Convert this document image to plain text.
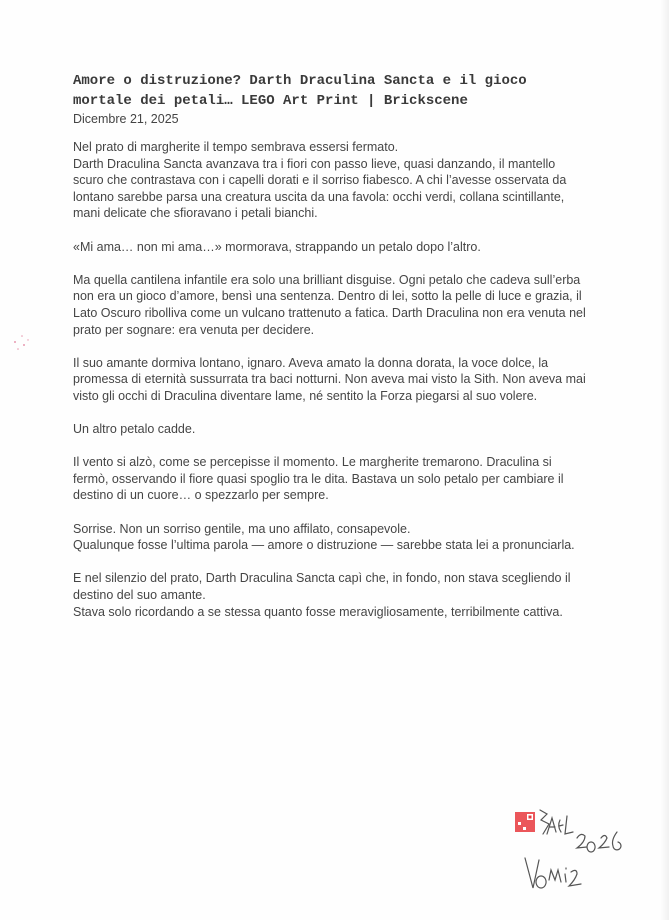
Amore o distruzione? Darth Draculina Sancta e il gioco
mortale dei petali… LEGO Art Print | Brickscene
Dicembre 21, 2025
Nel prato di margherite il tempo sembrava essersi fermato.
Darth Draculina Sancta avanzava tra i fiori con passo lieve, quasi danzando, il mantello
scuro che contrastava con i capelli dorati e il sorriso fiabesco. A chi l’avesse osservata da
lontano sarebbe parsa una creatura uscita da una favola: occhi verdi, collana scintillante,
mani delicate che sfioravano i petali bianchi.
«Mi ama… non mi ama…» mormorava, strappando un petalo dopo l’altro.
Ma quella cantilena infantile era solo una brilliant disguise. Ogni petalo che cadeva sull’erba
non era un gioco d’amore, bensì una sentenza. Dentro di lei, sotto la pelle di luce e grazia, il
Lato Oscuro ribolliva come un vulcano trattenuto a fatica. Darth Draculina non era venuta nel
prato per sognare: era venuta per decidere.
Il suo amante dormiva lontano, ignaro. Aveva amato la donna dorata, la voce dolce, la
promessa di eternità sussurrata tra baci notturni. Non aveva mai visto la Sith. Non aveva mai
visto gli occhi di Draculina diventare lame, né sentito la Forza piegarsi al suo volere.
Un altro petalo cadde.
Il vento si alzò, come se percepisse il momento. Le margherite tremarono. Draculina si
fermò, osservando il fiore quasi spoglio tra le dita. Bastava un solo petalo per cambiare il
destino di un cuore… o spezzarlo per sempre.
Sorrise. Non un sorriso gentile, ma uno affilato, consapevole.
Qualunque fosse l’ultima parola — amore o distruzione — sarebbe stata lei a pronunciarla.
E nel silenzio del prato, Darth Draculina Sancta capì che, in fondo, non stava scegliendo il
destino del suo amante.
Stava solo ricordando a se stessa quanto fosse meravigliosamente, terribilmente cattiva.
